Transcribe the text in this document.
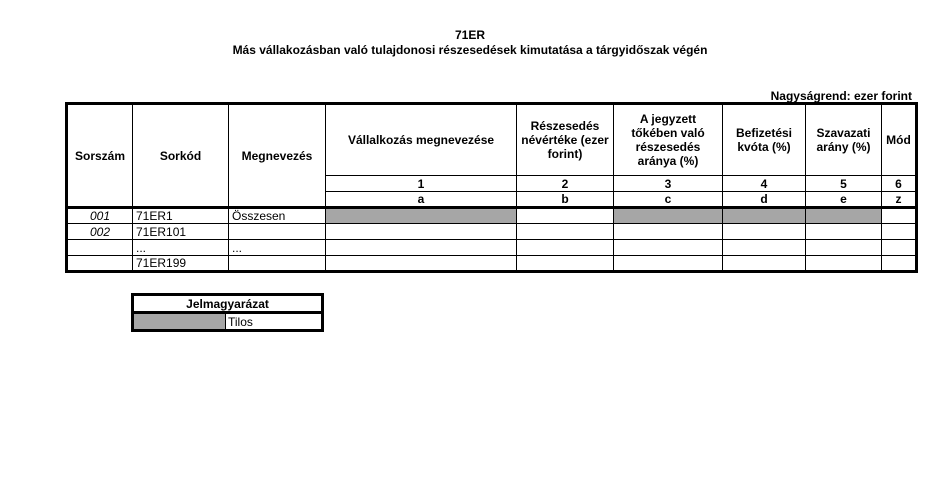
71ER
Más vállakozásban való tulajdonosi részesedések kimutatása a tárgyidőszak végén
Nagyságrend: ezer forint
Sorszám	Sorkód	Megnevezés	Vállalkozás megnevezése	Részesedés névértéke (ezer forint)	A jegyzett tőkében való részesedés aránya (%)	Befizetési kvóta (%)	Szavazati arány (%)	Mód
			1	2	3	4	5	6
			a	b	c	d	e	z
001	71ER1	Összesen						
002	71ER101							
	...	...						
	71ER199							
Jelmagyarázat
	Tilos
